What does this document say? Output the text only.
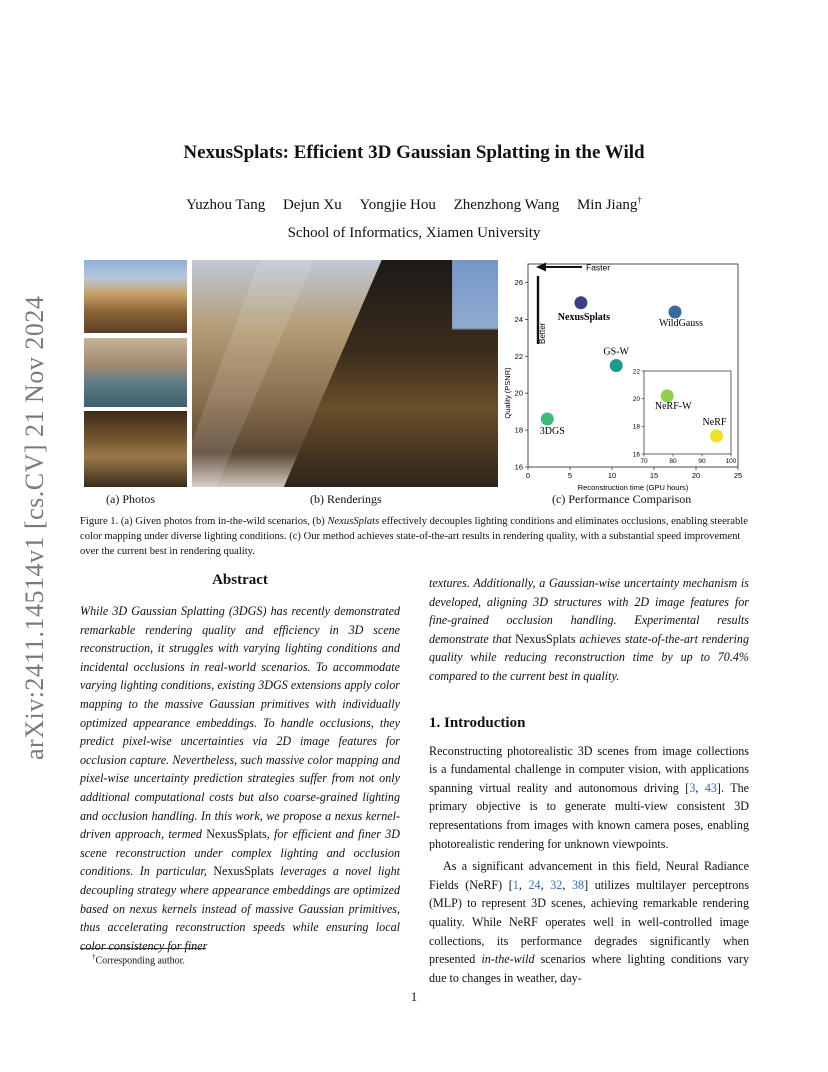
arXiv:2411.14514v1 [cs.CV] 21 Nov 2024
NexusSplats: Efficient 3D Gaussian Splatting in the Wild
Yuzhou Tang Dejun Xu Yongjie Hou Zhenzhong Wang Min Jiang†
School of Informatics, Xiamen University
16
18
20
22
24
26
0	5	10	15	20	25
70	80	90	100
16
18
20
22
Faster
Better
Quality (PSNR)
Reconstruction time (GPU hours)
NexusSplats
WildGauss
GS-W
3DGS
NeRF-W
NeRF
(a) Photos	(b) Renderings	(c) Performance Comparison
Figure 1. (a) Given photos from in-the-wild scenarios, (b) NexusSplats effectively decouples lighting conditions and eliminates occlusions, enabling steerable color mapping under diverse lighting conditions. (c) Our method achieves state-of-the-art results in rendering quality, with a substantial speed improvement over the current best in rendering quality.
Abstract

While 3D Gaussian Splatting (3DGS) has recently demonstrated remarkable rendering quality and efficiency in 3D scene reconstruction, it struggles with varying lighting conditions and incidental occlusions in real-world scenarios. To accommodate varying lighting conditions, existing 3DGS extensions apply color mapping to the massive Gaussian primitives with individually optimized appearance embeddings. To handle occlusions, they predict pixel-wise uncertainties via 2D image features for occlusion capture. Nevertheless, such massive color mapping and pixel-wise uncertainty prediction strategies suffer from not only additional computational costs but also coarse-grained lighting and occlusion handling. In this work, we propose a nexus kernel-driven approach, termed NexusSplats, for efficient and finer 3D scene reconstruction under complex lighting and occlusion conditions. In particular, NexusSplats leverages a novel light decoupling strategy where appearance embeddings are optimized based on nexus kernels instead of massive Gaussian primitives, thus accelerating reconstruction speeds while ensuring local color consistency for finer

textures. Additionally, a Gaussian-wise uncertainty mechanism is developed, aligning 3D structures with 2D image features for fine-grained occlusion handling. Experimental results demonstrate that NexusSplats achieves state-of-the-art rendering quality while reducing reconstruction time by up to 70.4% compared to the current best in quality.

1. Introduction

Reconstructing photorealistic 3D scenes from image collections is a fundamental challenge in computer vision, with applications spanning virtual reality and autonomous driving [3, 43]. The primary objective is to generate multi-view consistent 3D representations from images with known camera poses, enabling photorealistic rendering for unknown viewpoints.

As a significant advancement in this field, Neural Radiance Fields (NeRF) [1, 24, 32, 38] utilizes multilayer perceptrons (MLP) to represent 3D scenes, achieving remarkable rendering quality. While NeRF operates well in well-controlled image collections, its performance degrades significantly when presented in-the-wild scenarios where lighting conditions vary due to changes in weather, day-

†Corresponding author.
1
